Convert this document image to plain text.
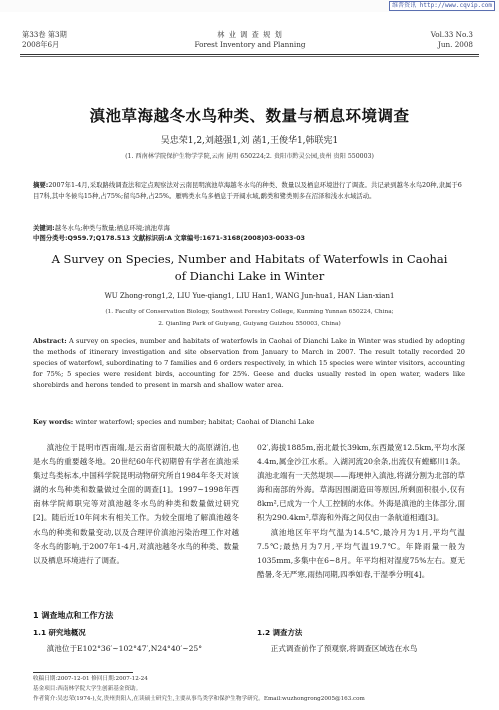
维普资讯 http://www.cqvip.com
第33卷 第3期
2008年6月
林 业 调 查 规 划
Forest Inventory and Planning
Vol.33 No.3
Jun. 2008
滇池草海越冬水鸟种类、数量与栖息环境调查
吴忠荣1,2,刘越强1,刘 菡1,王俊华1,韩联宪1
(1. 西南林学院保护生物学学院,云南 昆明 650224;2. 贵阳市黔灵公园,贵州 贵阳 550003)
摘要:2007年1-4月,采取路线调查法和定点观察法对云南昆明滇池草海越冬水鸟的种类、数量以及栖息环境进行了调查。共记录到越冬水鸟20种,隶属于6目7科,其中冬候鸟15种,占75%;留鸟5种,占25%。雁鸭类水鸟多栖息于开阔水域,鹬类和鹭类则多在沼泽和浅水水域活动。
关键词:越冬水鸟;种类与数量;栖息环境;滇池草海
中图分类号:Q959.7;Q178.513 文献标识码:A 文章编号:1671-3168(2008)03-0033-03
A Survey on Species, Number and Habitats of Waterfowls in Caohai
of Dianchi Lake in Winter
WU Zhong-rong1,2, LIU Yue-qiang1, LIU Han1, WANG Jun-hua1, HAN Lian-xian1
(1. Faculty of Conservation Biology, Southwest Forestry College, Kunming Yunnan 650224, China;
2. Qianling Park of Guiyang, Guiyang Guizhou 550003, China)
Abstract: A survey on species, number and habitats of waterfowls in Caohai of Dianchi Lake in Winter was studied by adopting the methods of itinerary investigation and site observation from January to March in 2007. The result totally recorded 20 species of waterfowl, subordinating to 7 families and 6 orders respectively, in which 15 species were winter visitors, accounting for 75%; 5 species were resident birds, accounting for 25%. Geese and ducks usually rested in open water, waders like shorebirds and herons tended to present in marsh and shallow water area.
Key words: winter waterfowl; species and number; habitat; Caohai of Dianchi Lake
滇池位于昆明市西南端,是云南省面积最大的高原湖泊,也是水鸟的重要越冬地。20世纪60年代初期曾有学者在滇池采集过鸟类标本,中国科学院昆明动物研究所自1984年冬天对该湖的水鸟种类和数量做过全面的调查[1]。1997~1998年西南林学院师职完等对滇池越冬水鸟的种类和数量做过研究[2]。随后近10年间未有相关工作。为较全面地了解滇池越冬水鸟的种类和数量变动,以及合理评价滇池污染治理工作对越冬水鸟的影响,于2007年1-4月,对滇池越冬水鸟的种类、数量以及栖息环境进行了调查。
1 调查地点和工作方法
1.1 研究地概况
滇池位于E102°36′~102°47′,N24°40′~25°
02′,海拔1885m,南北最长39km,东西最宽12.5km,平均水深4.4m,属金沙江水系。入湖河流20余条,出流仅有螳螂川1条。滇池北端有一天然堤坝——海埂伸入滇池,将湖分割为北部的草海和南部的外海。草海因围湖造田等原因,所剩面积很小,仅有8km²,已成为一个人工控制的水体。外海是滇池的主体部分,面积为290.4km²,草海和外海之间仅由一条航道相通[3]。
滇池地区年平均气温为14.5℃,最冷月为1月,平均气温7.5℃;最热月为7月,平均气温19.7℃。年降雨量一般为1035mm,多集中在6~8月。年平均相对湿度75%左右。夏无酷暑,冬无严寒,雨热同期,四季如春,干湿季分明[4]。
1.2 调查方法
正式调查前作了预观察,将调查区域选在水鸟
收稿日期:2007-12-01 修回日期:2007-12-24
基金项目:西南林学院大学生创新基金资助。
作者简介:吴忠荣(1974-),女,贵州贵阳人,在读硕士研究生,主要从事鸟类学和保护生物学研究。Email:wuzhongrong2005@163.com
